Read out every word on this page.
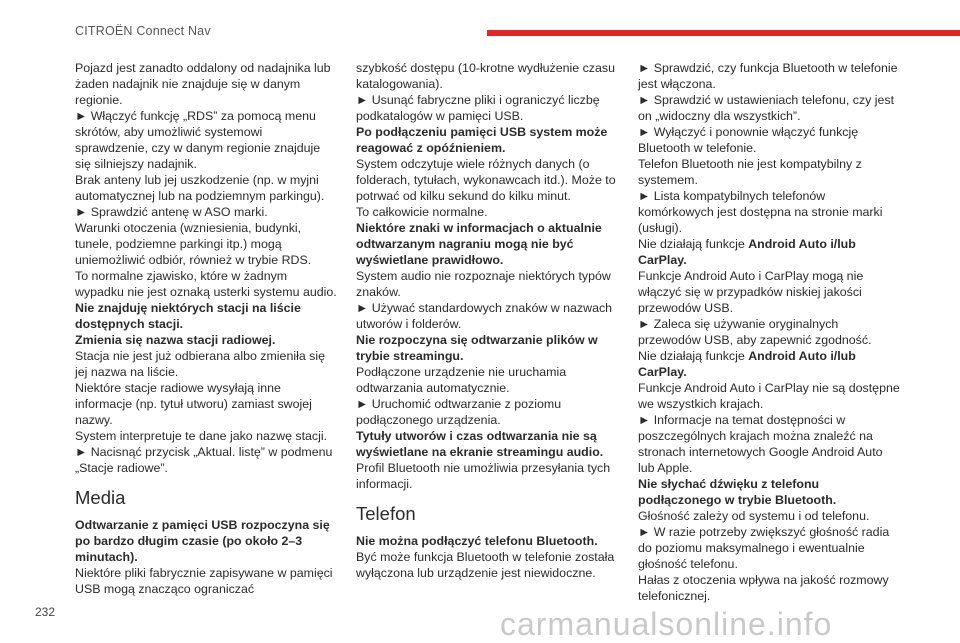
CITROËN Connect Nav

Pojazd jest zanadto oddalony od nadajnika lub żaden nadajnik nie znajduje się w danym regionie.

► Włączyć funkcję „RDS” za pomocą menu skrótów, aby umożliwić systemowi sprawdzenie, czy w danym regionie znajduje się silniejszy nadajnik.

Brak anteny lub jej uszkodzenie (np. w myjni automatycznej lub na podziemnym parkingu).

► Sprawdzić antenę w ASO marki.

Warunki otoczenia (wzniesienia, budynki, tunele, podziemne parkingi itp.) mogą uniemożliwić odbiór, również w trybie RDS.

To normalne zjawisko, które w żadnym wypadku nie jest oznaką usterki systemu audio.

Nie znajduję niektórych stacji na liście dostępnych stacji.

Zmienia się nazwa stacji radiowej.

Stacja nie jest już odbierana albo zmieniła się jej nazwa na liście.

Niektóre stacje radiowe wysyłają inne informacje (np. tytuł utworu) zamiast swojej nazwy.

System interpretuje te dane jako nazwę stacji.

► Nacisnąć przycisk „Aktual. listę” w podmenu „Stacje radiowe”.

Media

Odtwarzanie z pamięci USB rozpoczyna się po bardzo długim czasie (po około 2–3 minutach).

Niektóre pliki fabrycznie zapisywane w pamięci USB mogą znacząco ograniczać

szybkość dostępu (10-krotne wydłużenie czasu katalogowania).

► Usunąć fabryczne pliki i ograniczyć liczbę podkatalogów w pamięci USB.

Po podłączeniu pamięci USB system może reagować z opóźnieniem.

System odczytuje wiele różnych danych (o folderach, tytułach, wykonawcach itd.). Może to potrwać od kilku sekund do kilku minut.

To całkowicie normalne.

Niektóre znaki w informacjach o aktualnie odtwarzanym nagraniu mogą nie być wyświetlane prawidłowo.

System audio nie rozpoznaje niektórych typów znaków.

► Używać standardowych znaków w nazwach utworów i folderów.

Nie rozpoczyna się odtwarzanie plików w trybie streamingu.

Podłączone urządzenie nie uruchamia odtwarzania automatycznie.

► Uruchomić odtwarzanie z poziomu podłączonego urządzenia.

Tytuły utworów i czas odtwarzania nie są wyświetlane na ekranie streamingu audio.

Profil Bluetooth nie umożliwia przesyłania tych informacji.

Telefon

Nie można podłączyć telefonu Bluetooth.

Być może funkcja Bluetooth w telefonie została wyłączona lub urządzenie jest niewidoczne.

► Sprawdzić, czy funkcja Bluetooth w telefonie jest włączona.

► Sprawdzić w ustawieniach telefonu, czy jest on „widoczny dla wszystkich”.

► Wyłączyć i ponownie włączyć funkcję Bluetooth w telefonie.

Telefon Bluetooth nie jest kompatybilny z systemem.

► Lista kompatybilnych telefonów komórkowych jest dostępna na stronie marki (usługi).

Nie działają funkcje Android Auto i/lub CarPlay.

Funkcje Android Auto i CarPlay mogą nie włączyć się w przypadków niskiej jakości przewodów USB.

► Zaleca się używanie oryginalnych przewodów USB, aby zapewnić zgodność.

Nie działają funkcje Android Auto i/lub CarPlay.

Funkcje Android Auto i CarPlay nie są dostępne we wszystkich krajach.

► Informacje na temat dostępności w poszczególnych krajach można znaleźć na stronach internetowych Google Android Auto lub Apple.

Nie słychać dźwięku z telefonu podłączonego w trybie Bluetooth.

Głośność zależy od systemu i od telefonu.

► W razie potrzeby zwiększyć głośność radia do poziomu maksymalnego i ewentualnie głośność telefonu.

Hałas z otoczenia wpływa na jakość rozmowy telefonicznej.

232	carmanualsonline.info
